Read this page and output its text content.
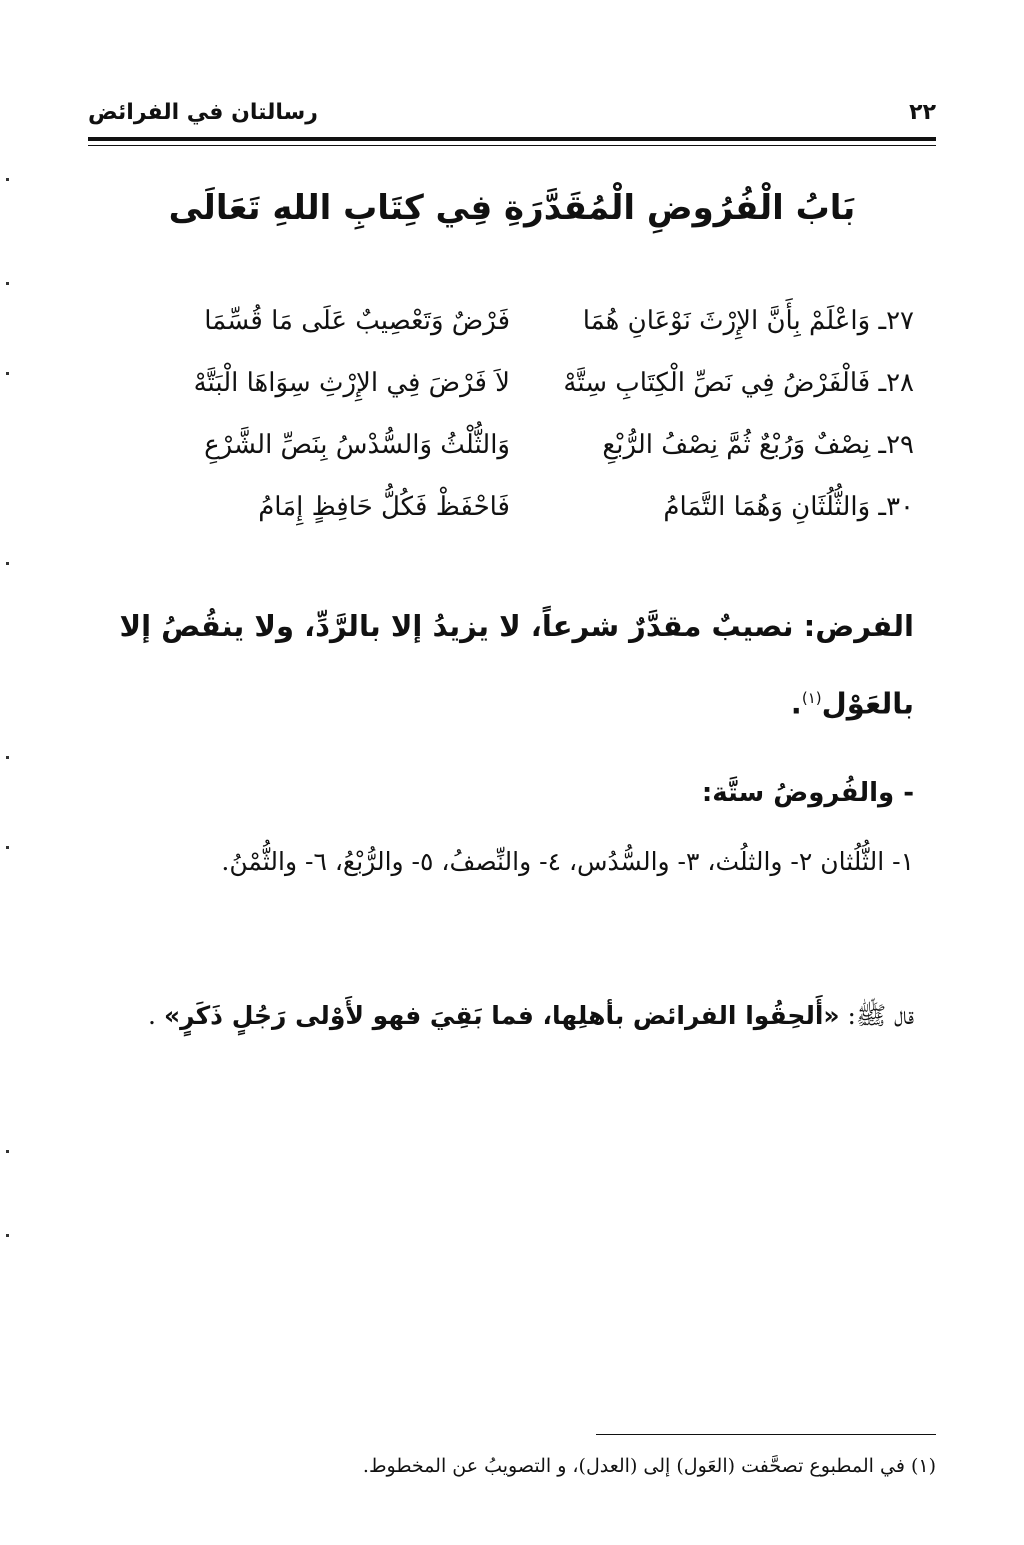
رسالتان في الفرائض	٢٢
بَابُ الْفُرُوضِ الْمُقَدَّرَةِ فِي كِتَابِ اللهِ تَعَالَى
٢٧ـ وَاعْلَمْ بِأَنَّ الإِرْثَ نَوْعَانِ هُمَا
فَرْضٌ وَتَعْصِيبٌ عَلَى مَا قُسِّمَا
٢٨ـ فَالْفَرْضُ فِي نَصِّ الْكِتَابِ سِتَّهْ
لاَ فَرْضَ فِي الإِرْثِ سِوَاهَا الْبَتَّهْ
٢٩ـ نِصْفٌ وَرُبْعٌ ثُمَّ نِصْفُ الرُّبْعِ
وَالثُّلْثُ وَالسُّدْسُ بِنَصِّ الشَّرْعِ
٣٠ـ وَالثُّلُثَانِ وَهُمَا التَّمَامُ
فَاحْفَظْ فَكُلُّ حَافِظٍ إِمَامُ
الفرض: نصيبٌ مقدَّرٌ شرعاً، لا يزيدُ إلا بالرَّدِّ، ولا ينقُصُ إلا بالعَوْل$^{(١)}$.
- والفُروضُ ستَّة:
١- الثُّلُثان ٢- والثلُث، ٣- والسُّدُس، ٤- والنِّصفُ، ٥- والرُّبْعُ، ٦- والثُّمْنُ.
قال ﷺ: «أَلحِقُوا الفرائض بأهلِها، فما بَقِيَ فهو لأَوْلى رَجُلٍ ذَكَرٍ» .
(١) في المطبوع تصحَّفت (العَول) إلى (العدل)، و التصويبُ عن المخطوط.
